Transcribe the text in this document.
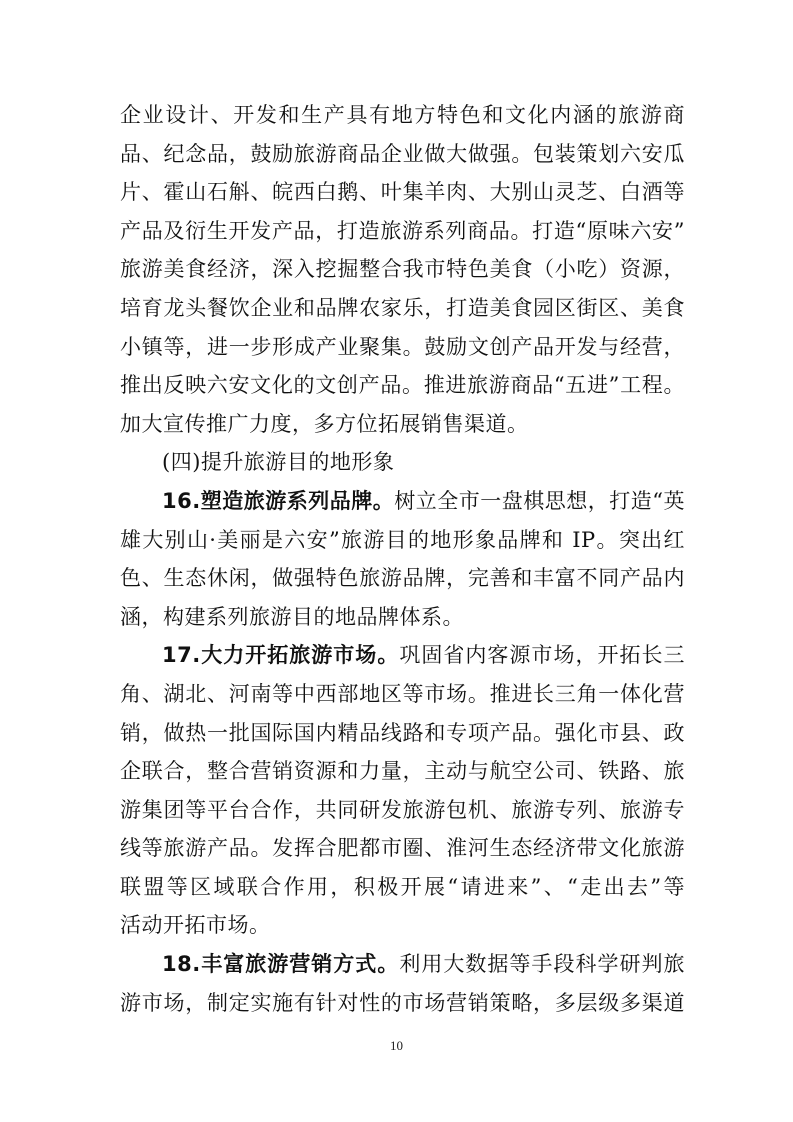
企业设计、开发和生产具有地方特色和文化内涵的旅游商
品、纪念品，鼓励旅游商品企业做大做强。包装策划六安瓜
片、霍山石斛、皖西白鹅、叶集羊肉、大别山灵芝、白酒等
产品及衍生开发产品，打造旅游系列商品。打造“原味六安”
旅游美食经济，深入挖掘整合我市特色美食（小吃）资源，
培育龙头餐饮企业和品牌农家乐，打造美食园区街区、美食
小镇等，进一步形成产业聚集。鼓励文创产品开发与经营，
推出反映六安文化的文创产品。推进旅游商品“五进”工程。
加大宣传推广力度，多方位拓展销售渠道。
(四)提升旅游目的地形象
16.塑造旅游系列品牌。树立全市一盘棋思想，打造“英
雄大别山·美丽是六安”旅游目的地形象品牌和 IP。突出红
色、生态休闲，做强特色旅游品牌，完善和丰富不同产品内
涵，构建系列旅游目的地品牌体系。
17.大力开拓旅游市场。巩固省内客源市场，开拓长三
角、湖北、河南等中西部地区等市场。推进长三角一体化营
销，做热一批国际国内精品线路和专项产品。强化市县、政
企联合，整合营销资源和力量，主动与航空公司、铁路、旅
游集团等平台合作，共同研发旅游包机、旅游专列、旅游专
线等旅游产品。发挥合肥都市圈、淮河生态经济带文化旅游
联盟等区域联合作用，积极开展“请进来”、“走出去”等
活动开拓市场。
18.丰富旅游营销方式。利用大数据等手段科学研判旅
游市场，制定实施有针对性的市场营销策略，多层级多渠道
10
